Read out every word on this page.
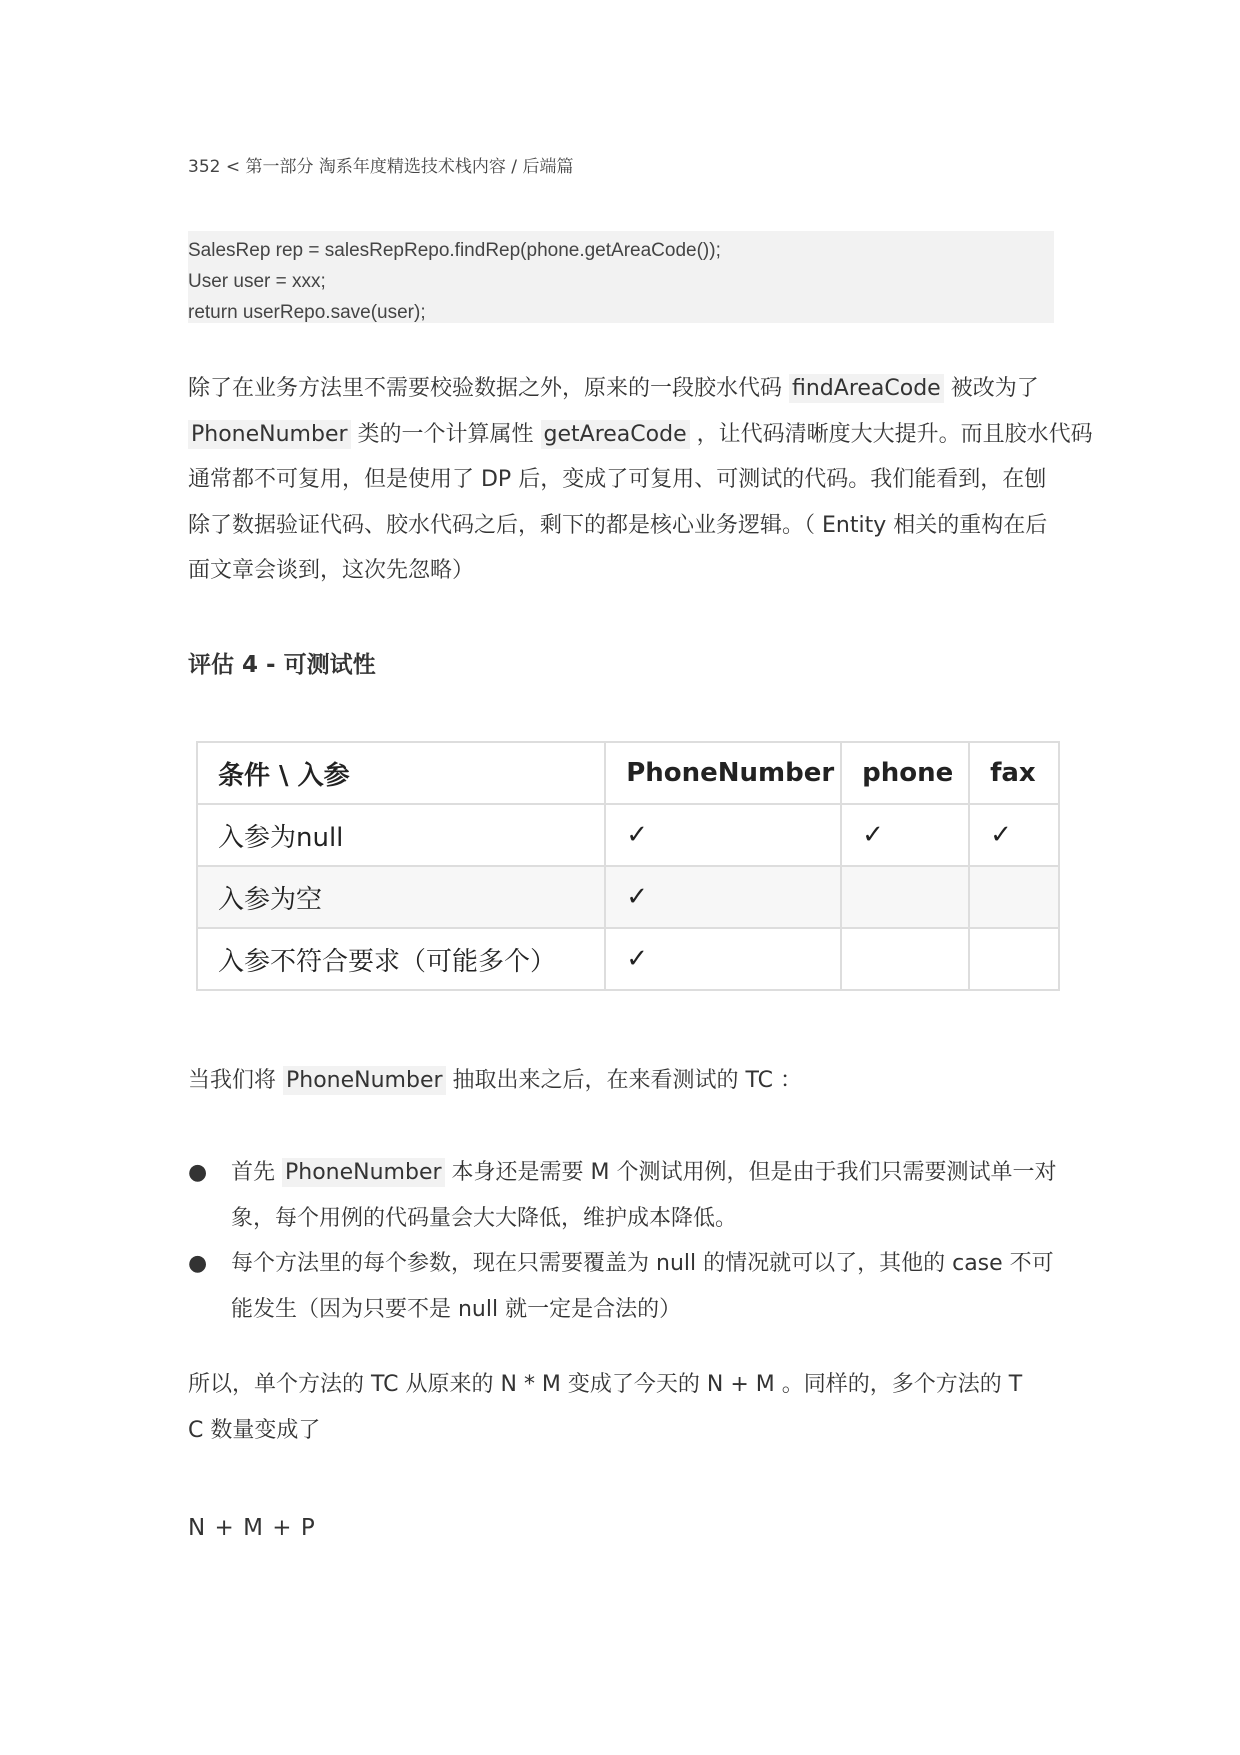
352 < 第一部分 淘系年度精选技术栈内容 / 后端篇
SalesRep rep = salesRepRepo.findRep(phone.getAreaCode());
User user = xxx;
return userRepo.save(user);
除了在业务方法里不需要校验数据之外，原来的一段胶水代码 findAreaCode 被改为了
PhoneNumber 类的一个计算属性 getAreaCode ，让代码清晰度大大提升。而且胶水代码
通常都不可复用，但是使用了 DP 后，变成了可复用、可测试的代码。我们能看到，在刨
除了数据验证代码、胶水代码之后，剩下的都是核心业务逻辑。（ Entity 相关的重构在后
面文章会谈到，这次先忽略）
评估 4 - 可测试性
条件 \ 入参	PhoneNumber	phone	fax
入参为null	✓	✓	✓
入参为空	✓		
入参不符合要求（可能多个）	✓		
当我们将 PhoneNumber 抽取出来之后，在来看测试的 TC ：
● 首先 PhoneNumber 本身还是需要 M 个测试用例，但是由于我们只需要测试单一对
象，每个用例的代码量会大大降低，维护成本降低。
● 每个方法里的每个参数，现在只需要覆盖为 null 的情况就可以了，其他的 case 不可
能发生（因为只要不是 null 就一定是合法的）
所以，单个方法的 TC 从原来的 N * M 变成了今天的 N + M 。同样的，多个方法的 T
C 数量变成了
N + M + P
